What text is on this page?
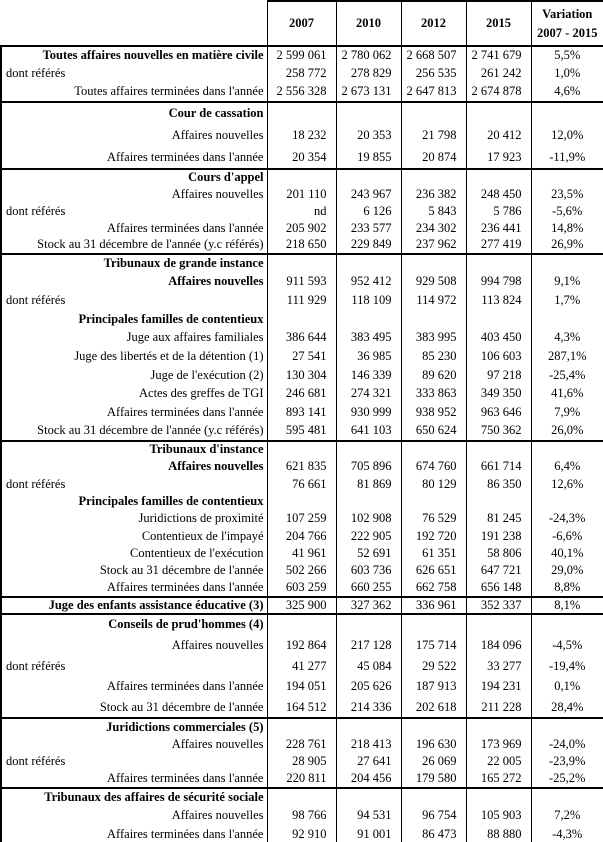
	2007	2010	2012	2015	Variation
2007 - 2015

Toutes affaires nouvelles en matière civile	2 599 061	2 780 062	2 668 507	2 741 679	5,5%
dont référés	258 772	278 829	256 535	261 242	1,0%
Toutes affaires terminées dans l'année	2 556 328	2 673 131	2 647 813	2 674 878	4,6%
Cour de cassation					
Affaires nouvelles	18 232	20 353	21 798	20 412	12,0%
Affaires terminées dans l'année	20 354	19 855	20 874	17 923	-11,9%
Cours d'appel					
Affaires nouvelles	201 110	243 967	236 382	248 450	23,5%
dont référés	nd	6 126	5 843	5 786	-5,6%
Affaires terminées dans l'année	205 902	233 577	234 302	236 441	14,8%
Stock au 31 décembre de l'année (y.c référés)	218 650	229 849	237 962	277 419	26,9%
Tribunaux de grande instance					
Affaires nouvelles	911 593	952 412	929 508	994 798	9,1%
dont référés	111 929	118 109	114 972	113 824	1,7%
Principales familles de contentieux					
Juge aux affaires familiales	386 644	383 495	383 995	403 450	4,3%
Juge des libertés et de la détention (1)	27 541	36 985	85 230	106 603	287,1%
Juge de l'exécution (2)	130 304	146 339	89 620	97 218	-25,4%
Actes des greffes de TGI	246 681	274 321	333 863	349 350	41,6%
Affaires terminées dans l'année	893 141	930 999	938 952	963 646	7,9%
Stock au 31 décembre de l'année (y.c référés)	595 481	641 103	650 624	750 362	26,0%
Tribunaux d'instance					
Affaires nouvelles	621 835	705 896	674 760	661 714	6,4%
dont référés	76 661	81 869	80 129	86 350	12,6%
Principales familles de contentieux					
Juridictions de proximité	107 259	102 908	76 529	81 245	-24,3%
Contentieux de l'impayé	204 766	222 905	192 720	191 238	-6,6%
Contentieux de l'exécution	41 961	52 691	61 351	58 806	40,1%
Stock au 31 décembre de l'année	502 266	603 736	626 651	647 721	29,0%
Affaires terminées dans l'année	603 259	660 255	662 758	656 148	8,8%
Juge des enfants assistance éducative (3)	325 900	327 362	336 961	352 337	8,1%
Conseils de prud'hommes (4)					
Affaires nouvelles	192 864	217 128	175 714	184 096	-4,5%
dont référés	41 277	45 084	29 522	33 277	-19,4%
Affaires terminées dans l'année	194 051	205 626	187 913	194 231	0,1%
Stock au 31 décembre de l'année	164 512	214 336	202 618	211 228	28,4%
Juridictions commerciales (5)					
Affaires nouvelles	228 761	218 413	196 630	173 969	-24,0%
dont référés	28 905	27 641	26 069	22 005	-23,9%
Affaires terminées dans l'année	220 811	204 456	179 580	165 272	-25,2%
Tribunaux des affaires de sécurité sociale					
Affaires nouvelles	98 766	94 531	96 754	105 903	7,2%
Affaires terminées dans l'année	92 910	91 001	86 473	88 880	-4,3%
